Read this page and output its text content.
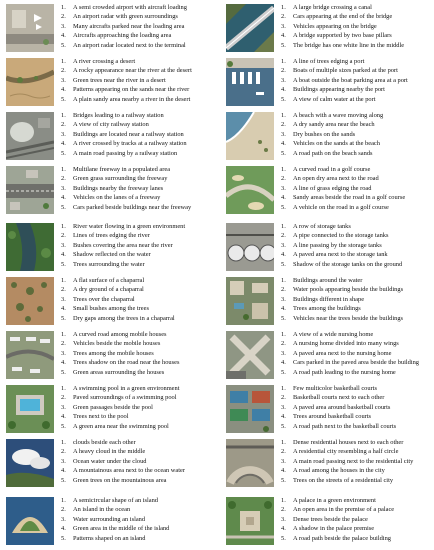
1. A semi crowded airport with aircraft loading
2. An airport radar with green surroundings
3. Many aircrafts parked near the loading area
4. Aircrafts approaching the loading area
5. An airport radar located next to the terminal
1. A large bridge crossing a canal
2. Cars appearing at the end of the bridge
3. Vehicles appearing on the bridge
4. A bridge supported by two base pillars
5. The bridge has one white line in the middle
1. A river crossing a desert
2. A rocky appearance near the river at the desert
3. Green trees near the river in a desert
4. Patterns appearing on the sands near the river
5. A plain sandy area nearby a river in the desert
1. A line of trees edging a port
2. Boats of multiple sizes parked at the port
3. A boat outside the boat parking area at a port
4. Buildings appearing nearby the port
5. A view of calm water at the port
1. Bridges leading to a railway station
2. A view of city railway station
3. Buildings are located near a railway station
4. A river crossed by tracks at a railway station
5. A main road passing by a railway station
1. A beach with a wave moving along
2. A dry sandy area near the beach
3. Dry bushes on the sands
4. Vehicles on the sands at the beach
5. A road path on the beach sands
1. Multilane freeway in a populated area
2. Green grass surrounding the freeway
3. Buildings nearby the freeway lanes
4. Vehicles on the lanes of a freeway
5. Cars parked beside buildings near the freeway
1. A curved road in a golf course
2. An open dry area next to the road
3. A line of grass edging the road
4. Sandy areas beside the road in a golf course
5. A vehicle on the road in a golf course
1. River water flowing in a green environment
2. Lines of trees edging the river
3. Bushes covering the area near the river
4. Shadow reflected on the water
5. Trees surrounding the water
1. A row of storage tanks
2. A pipe connected to the storage tanks
3. A line passing by the storage tanks
4. A paved area next to the storage tank
5. Shadow of the storage tanks on the ground
1. A flat surface of a chaparral
2. A dry ground of a chaparral
3. Trees over the chaparral
4. Small bushes among the trees
5. Dry gaps among the trees in a chaparral
1. Buildings around the water
2. Water pools appearing beside the buildings
3. Buildings different in shape
4. Trees among the buildings
5. Vehicles near the trees beside the buildings
1. A curved road among mobile houses
2. Vehicles beside the mobile houses
3. Trees among the mobile houses
4. Trees shadow on the road near the houses
5. Green areas surrounding the houses
1. A view of a wide nursing home
2. A nursing home divided into many wings
3. A paved area next to the nursing home
4. Cars parked in the paved area beside the building
5. A road path leading to the nursing home
1. A swimming pool in a green environment
2. Paved surroundings of a swimming pool
3. Green passages beside the pool
4. Trees next to the pool
5. A green area near the swimming pool
1. Few multicolor basketball courts
2. Basketball courts next to each other
3. A paved area around basketball courts
4. Trees around basketball courts
5. A road path next to the basketball courts
1. clouds beside each other
2. A heavy cloud in the middle
3. Ocean water under the cloud
4. A mountainous area next to the ocean water
5. Green trees on the mountainous area
1. Dense residential houses next to each other
2. A residential city resembling a half circle
3. A main road passing next to the residential city
4. A road among the houses in the city
5. Trees on the streets of a residential city
1. A semicircular shape of an island
2. An island in the ocean
3. Water surrounding an island
4. Green area in the middle of the island
5. Patterns shaped on an island
1. A palace in a green environment
2. An open area in the premise of a palace
3. Dense trees beside the palace
4. A shadow in the palace premise
5. A road path beside the palace building
